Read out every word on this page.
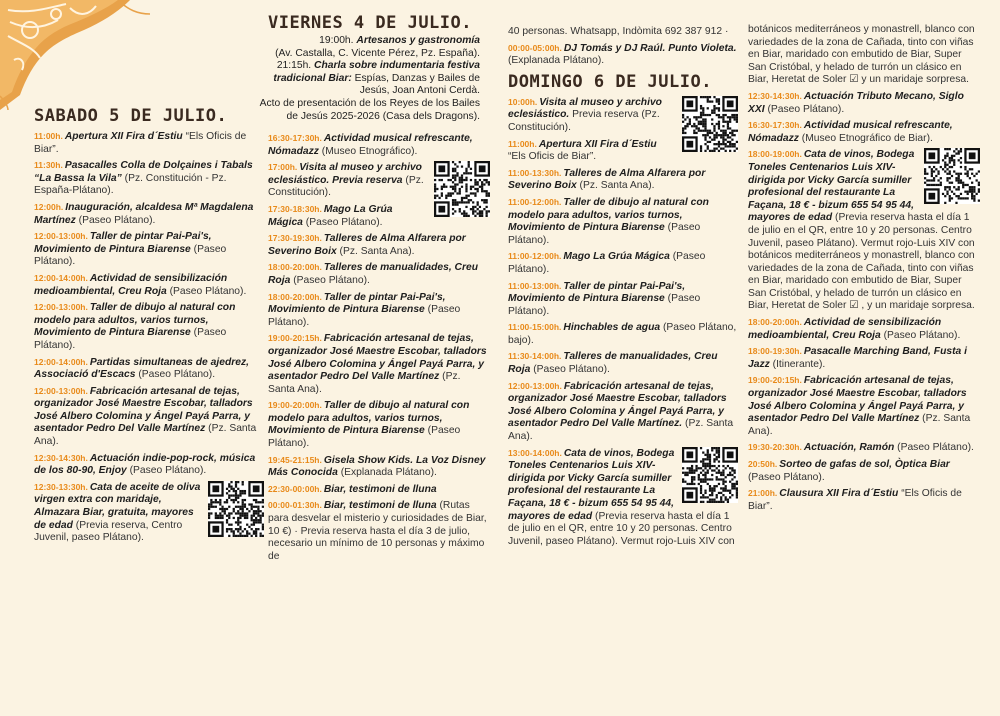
VIERNES 4 DE JULIO.
19:00h. Artesanos y gastronomía
(Av. Castalla, C. Vicente Pérez, Pz. España).
21:15h. Charla sobre indumentaria festiva tradicional Biar: Espías, Danzas y Bailes de Jesús, Joan Antoni Cerdà.
Acto de presentación de los Reyes de los Bailes de Jesús 2025-2026 (Casa dels Dragons).
SABADO 5 DE JULIO.
11:00h. Apertura XII Fira d´Estiu “Els Oficis de Biar”.
11:30h. Pasacalles Colla de Dolçaines i Tabals “La Bassa la Vila” (Pz. Constitución - Pz. España-Plátano).
12:00h. Inauguración, alcaldesa Mª Magdalena Martínez (Paseo Plátano).
12:00-13:00h. Taller de pintar Pai-Pai's, Movimiento de Pintura Biarense (Paseo Plátano).
12:00-14:00h. Actividad de sensibilización medioambiental, Creu Roja (Paseo Plátano).
12:00-13:00h. Taller de dibujo al natural con modelo para adultos, varios turnos, Movimiento de Pintura Biarense (Paseo Plátano).
12:00-14:00h. Partidas simultaneas de ajedrez, Associació d'Escacs (Paseo Plátano).
12:00-13:00h. Fabricación artesanal de tejas, organizador José Maestre Escobar, talladors José Albero Colomina y Ángel Payá Parra, y asentador Pedro Del Valle Martínez (Pz. Santa Ana).
12:30-14:30h. Actuación indie-pop-rock, música de los 80-90, Enjoy (Paseo Plátano).
12:30-13:30h. Cata de aceite de oliva virgen extra con maridaje, Almazara Biar, gratuita, mayores de edad (Previa reserva, Centro Juvenil, paseo Plátano).
16:30-17:30h. Actividad musical refrescante, Nómadazz (Museo Etnográfico).
17:00h. Visita al museo y archivo eclesiástico. Previa reserva (Pz. Constitución).
17:30-18:30h. Mago La Grúa Mágica (Paseo Plátano).
17:30-19:30h. Talleres de Alma Alfarera por Severino Boix (Pz. Santa Ana).
18:00-20:00h. Talleres de manualidades, Creu Roja (Paseo Plátano).
18:00-20:00h. Taller de pintar Pai-Pai's, Movimiento de Pintura Biarense (Paseo Plátano).
19:00-20:15h. Fabricación artesanal de tejas, organizador José Maestre Escobar, talladors José Albero Colomina y Ángel Payá Parra, y asentador Pedro Del Valle Martínez (Pz. Santa Ana).
19:00-20:00h. Taller de dibujo al natural con modelo para adultos, varios turnos, Movimiento de Pintura Biarense (Paseo Plátano).
19:45-21:15h. Gisela Show Kids. La Voz Disney Más Conocida (Explanada Plátano).
22:30-00:00h. Biar, testimoni de lluna
00:00-01:30h. Biar, testimoni de lluna (Rutas para desvelar el misterio y curiosidades de Biar, 10 €) · Previa reserva hasta el día 3 de julio, necesario un mínimo de 10 personas y máximo de
40 personas. Whatsapp, Indòmita 692 387 912 ·
00:00-05:00h. DJ Tomás y DJ Raúl. Punto Violeta. (Explanada Plátano).
DOMINGO 6 DE JULIO.
10:00h. Visita al museo y archivo eclesiástico. Previa reserva (Pz. Constitución).
11:00h. Apertura XII Fira d´Estiu “Els Oficis de Biar”.
11:00-13:30h. Talleres de Alma Alfarera por Severino Boix (Pz. Santa Ana).
11:00-12:00h. Taller de dibujo al natural con modelo para adultos, varios turnos, Movimiento de Pintura Biarense (Paseo Plátano).
11:00-12:00h. Mago La Grúa Mágica (Paseo Plátano).
11:00-13:00h. Taller de pintar Pai-Pai's, Movimiento de Pintura Biarense (Paseo Plátano).
11:00-15:00h. Hinchables de agua (Paseo Plátano, bajo).
11:30-14:00h. Talleres de manualidades, Creu Roja (Paseo Plátano).
12:00-13:00h. Fabricación artesanal de tejas, organizador José Maestre Escobar, talladors José Albero Colomina y Ángel Payá Parra, y asentador Pedro Del Valle Martínez. (Pz. Santa Ana).
13:00-14:00h. Cata de vinos, Bodega Toneles Centenarios Luis XIV- dirigida por Vicky García sumiller profesional del restaurante La Façana, 18 € - bizum 655 54 95 44, mayores de edad (Previa reserva hasta el día 1 de julio en el QR, entre 10 y 20 personas. Centro Juvenil, paseo Plátano). Vermut rojo-Luis XIV con
botánicos mediterráneos y monastrell, blanco con variedades de la zona de Cañada, tinto con viñas en Biar, maridado con embutido de Biar, Super San Cristóbal, y helado de turrón un clásico en Biar, Heretat de Soler ☑ y un maridaje sorpresa.
12:30-14:30h. Actuación Tributo Mecano, Siglo XXI (Paseo Plátano).
16:30-17:30h. Actividad musical refrescante, Nómadazz (Museo Etnográfico de Biar).
18:00-19:00h. Cata de vinos, Bodega Toneles Centenarios Luis XIV- dirigida por Vicky García sumiller profesional del restaurante La Façana, 18 € - bizum 655 54 95 44, mayores de edad (Previa reserva hasta el día 1 de julio en el QR, entre 10 y 20 personas. Centro Juvenil, paseo Plátano). Vermut rojo-Luis XIV con botánicos mediterráneos y monastrell, blanco con variedades de la zona de Cañada, tinto con viñas en Biar, maridado con embutido de Biar, Super San Cristóbal, y helado de turrón un clásico en Biar, Heretat de Soler ☑ , y un maridaje sorpresa.
18:00-20:00h. Actividad de sensibilización medioambiental, Creu Roja (Paseo Plátano).
18:00-19:30h. Pasacalle Marching Band, Fusta i Jazz (Itinerante).
19:00-20:15h. Fabricación artesanal de tejas, organizador José Maestre Escobar, talladors José Albero Colomina y Ángel Payá Parra, y asentador Pedro Del Valle Martínez (Pz. Santa Ana).
19:30-20:30h. Actuación, Ramón (Paseo Plátano).
20:50h. Sorteo de gafas de sol, Òptica Biar (Paseo Plátano).
21:00h. Clausura XII Fira d´Estiu “Els Oficis de Biar”.
